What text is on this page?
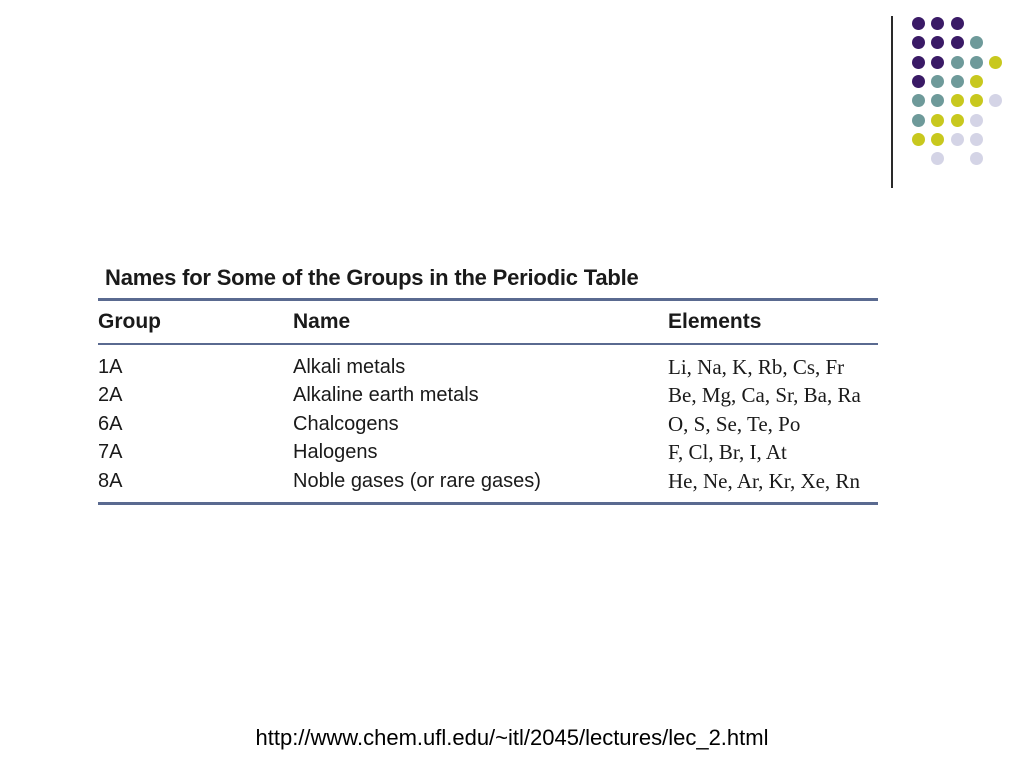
Names for Some of the Groups in the Periodic Table
Group	Name	Elements
1A	Alkali metals	Li, Na, K, Rb, Cs, Fr
2A	Alkaline earth metals	Be, Mg, Ca, Sr, Ba, Ra
6A	Chalcogens	O, S, Se, Te, Po
7A	Halogens	F, Cl, Br, I, At
8A	Noble gases (or rare gases)	He, Ne, Ar, Kr, Xe, Rn
http://www.chem.ufl.edu/~itl/2045/lectures/lec_2.html
